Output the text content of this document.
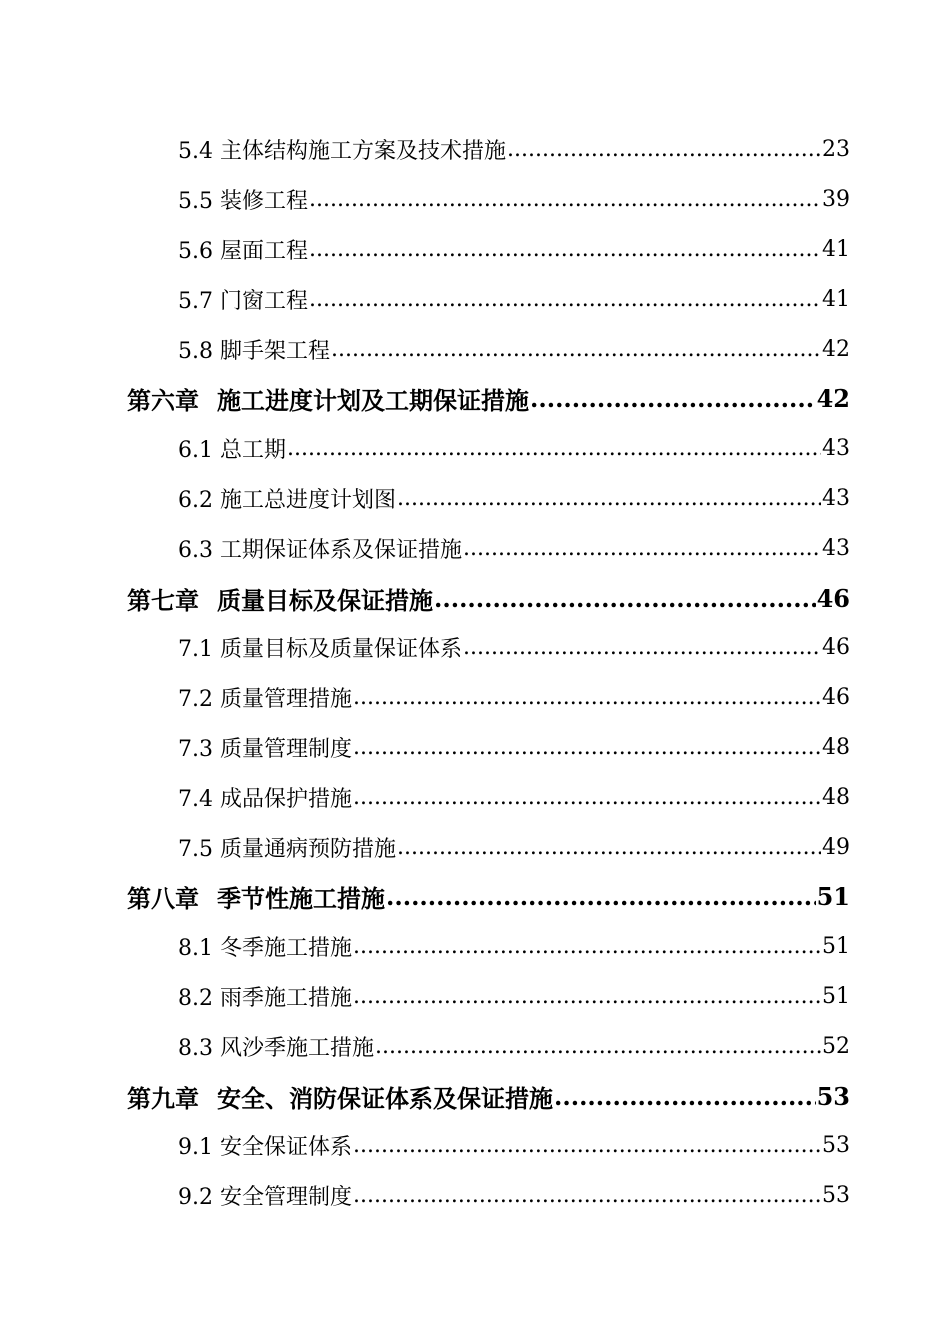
5.4 主体结构施工方案及技术措施 .....	23
5.5 装修工程 .....	39
5.6 屋面工程 .....	41
5.7 门窗工程 .....	41
5.8 脚手架工程 .....	42
第六章 施工进度计划及工期保证措施 .....	42
6.1 总工期 .....	43
6.2 施工总进度计划图 .....	43
6.3 工期保证体系及保证措施 .....	43
第七章 质量目标及保证措施 .....	46
7.1 质量目标及质量保证体系 .....	46
7.2 质量管理措施 .....	46
7.3 质量管理制度 .....	48
7.4 成品保护措施 .....	48
7.5 质量通病预防措施 .....	49
第八章 季节性施工措施 .....	51
8.1 冬季施工措施 .....	51
8.2 雨季施工措施 .....	51
8.3 风沙季施工措施 .....	52
第九章 安全、消防保证体系及保证措施 .....	53
9.1 安全保证体系 .....	53
9.2 安全管理制度 .....	53
